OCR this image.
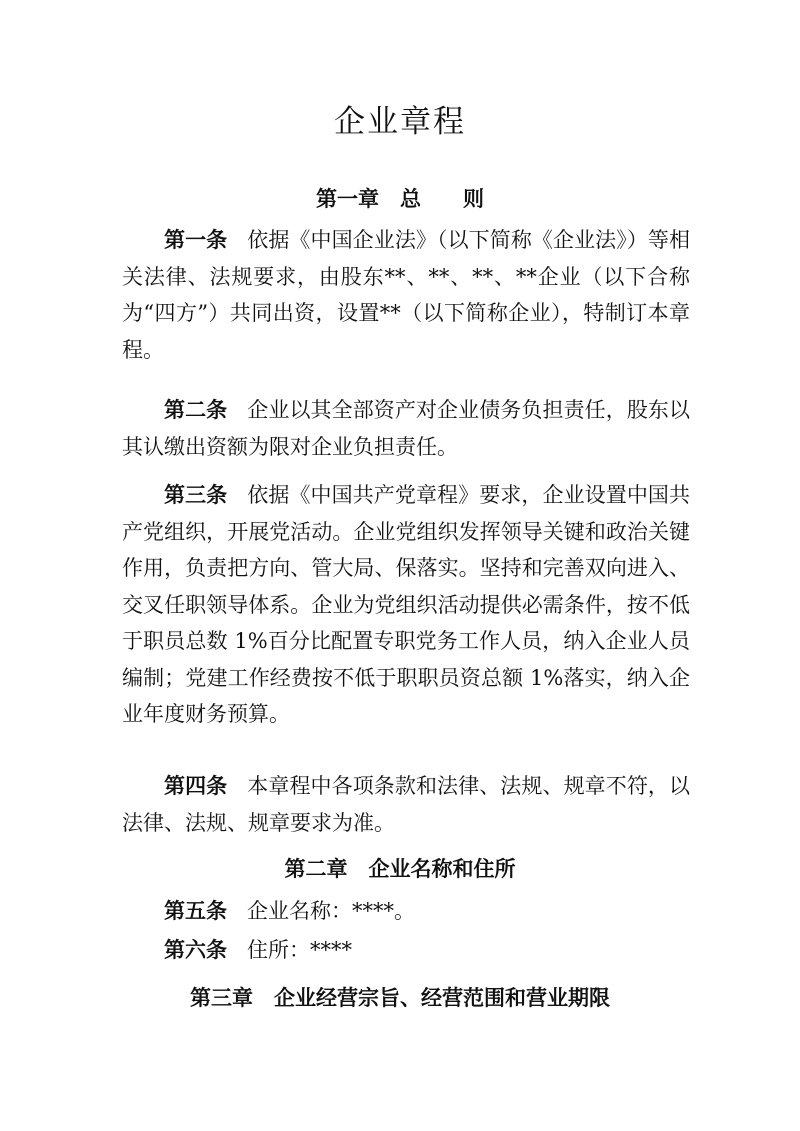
企业章程
第一章　总　　则
第一条 依据《中国企业法》（以下简称《企业法》）等相关法律、法规要求，由股东**、**、**、**企业（以下合称为“四方”）共同出资，设置**（以下简称企业），特制订本章程。
第二条 企业以其全部资产对企业债务负担责任，股东以其认缴出资额为限对企业负担责任。
第三条 依据《中国共产党章程》要求，企业设置中国共产党组织，开展党活动。企业党组织发挥领导关键和政治关键作用，负责把方向、管大局、保落实。坚持和完善双向进入、交叉任职领导体系。企业为党组织活动提供必需条件，按不低于职员总数 1%百分比配置专职党务工作人员，纳入企业人员编制；党建工作经费按不低于职职员资总额 1%落实，纳入企业年度财务预算。
第四条 本章程中各项条款和法律、法规、规章不符，以法律、法规、规章要求为准。
第二章　企业名称和住所
第五条 企业名称：****。
第六条 住所：****
第三章　企业经营宗旨、经营范围和营业期限
